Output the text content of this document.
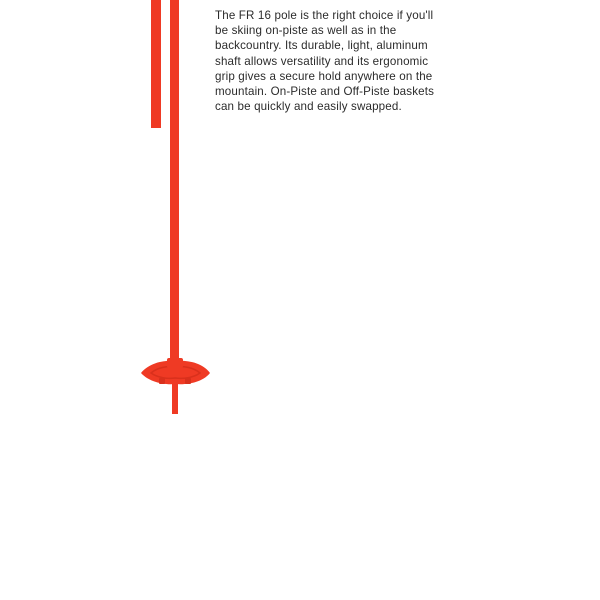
The FR 16 pole is the right choice if you'll be skiing on-piste as well as in the backcountry. Its durable, light, aluminum shaft allows versatility and its ergonomic grip gives a secure hold anywhere on the mountain. On-Piste and Off-Piste baskets can be quickly and easily swapped.
